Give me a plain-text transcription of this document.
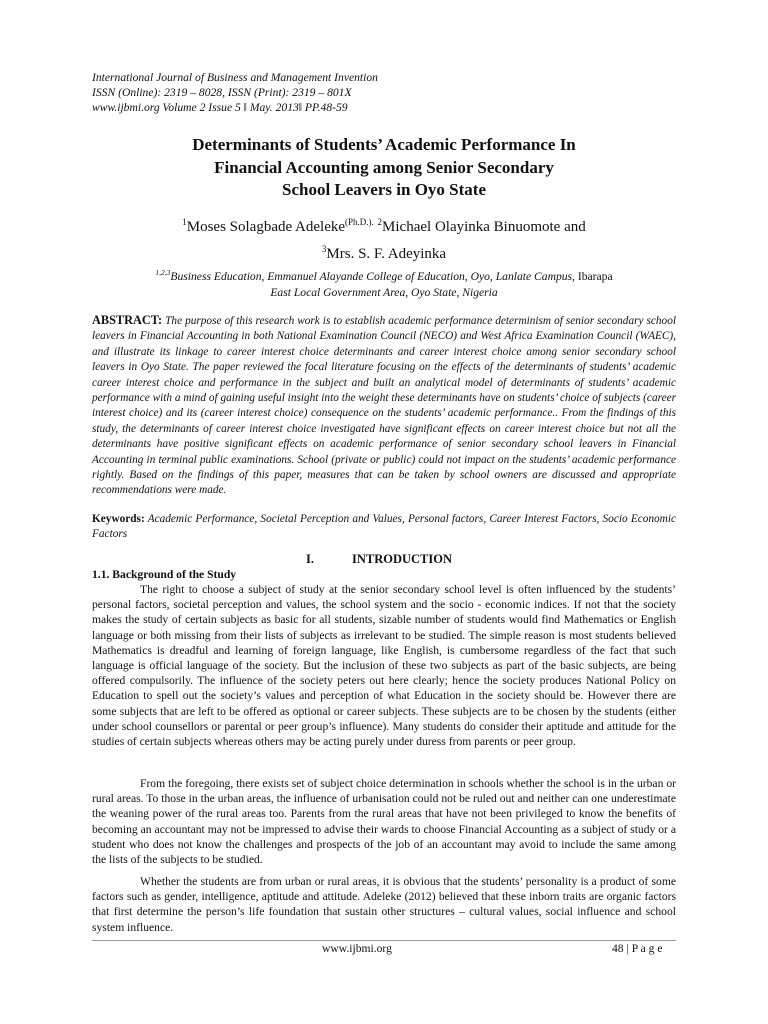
International Journal of Business and Management Invention
ISSN (Online): 2319 – 8028, ISSN (Print): 2319 – 801X
www.ijbmi.org Volume 2 Issue 5 ǁ May. 2013ǁ PP.48-59
Determinants of Students’ Academic Performance In
Financial Accounting among Senior Secondary
School Leavers in Oyo State
$^1$Moses Solagbade Adeleke$^{(Ph.D.).}$ $^2$Michael Olayinka Binuomote and
$^3$Mrs. S. F. Adeyinka
$^{1,2,3}$Business Education, Emmanuel Alayande College of Education, Oyo, Lanlate Campus, Ibarapa
East Local Government Area, Oyo State, Nigeria
ABSTRACT: The purpose of this research work is to establish academic performance determinism of senior secondary school leavers in Financial Accounting in both National Examination Council (NECO) and West Africa Examination Council (WAEC), and illustrate its linkage to career interest choice determinants and career interest choice among senior secondary school leavers in Oyo State. The paper reviewed the focal literature focusing on the effects of the determinants of students’ academic career interest choice and performance in the subject and built an analytical model of determinants of students’ academic performance with a mind of gaining useful insight into the weight these determinants have on students’ choice of subjects (career interest choice) and its (career interest choice) consequence on the students’ academic performance.. From the findings of this study, the determinants of career interest choice investigated have significant effects on career interest choice but not all the determinants have positive significant effects on academic performance of senior secondary school leavers in Financial Accounting in terminal public examinations. School (private or public) could not impact on the students’ academic performance rightly. Based on the findings of this paper, measures that can be taken by school owners are discussed and appropriate recommendations were made.
Keywords: Academic Performance, Societal Perception and Values, Personal factors, Career Interest Factors, Socio Economic Factors
I.	INTRODUCTION
1.1. Background of the Study

The right to choose a subject of study at the senior secondary school level is often influenced by the students’ personal factors, societal perception and values, the school system and the socio - economic indices. If not that the society makes the study of certain subjects as basic for all students, sizable number of students would find Mathematics or English language or both missing from their lists of subjects as irrelevant to be studied. The simple reason is most students believed Mathematics is dreadful and learning of foreign language, like English, is cumbersome regardless of the fact that such language is official language of the society. But the inclusion of these two subjects as part of the basic subjects, are being offered compulsorily. The influence of the society peters out here clearly; hence the society produces National Policy on Education to spell out the society’s values and perception of what Education in the society should be. However there are some subjects that are left to be offered as optional or career subjects. These subjects are to be chosen by the students (either under school counsellors or parental or peer group’s influence). Many students do consider their aptitude and attitude for the studies of certain subjects whereas others may be acting purely under duress from parents or peer group.

From the foregoing, there exists set of subject choice determination in schools whether the school is in the urban or rural areas. To those in the urban areas, the influence of urbanisation could not be ruled out and neither can one underestimate the weaning power of the rural areas too. Parents from the rural areas that have not been privileged to know the benefits of becoming an accountant may not be impressed to advise their wards to choose Financial Accounting as a subject of study or a student who does not know the challenges and prospects of the job of an accountant may avoid to include the same among the lists of the subjects to be studied.

Whether the students are from urban or rural areas, it is obvious that the students’ personality is a product of some factors such as gender, intelligence, aptitude and attitude. Adeleke (2012) believed that these inborn traits are organic factors that first determine the person’s life foundation that sustain other structures – cultural values, social influence and school system influence.

www.ijbmi.org	48 | P a g e
